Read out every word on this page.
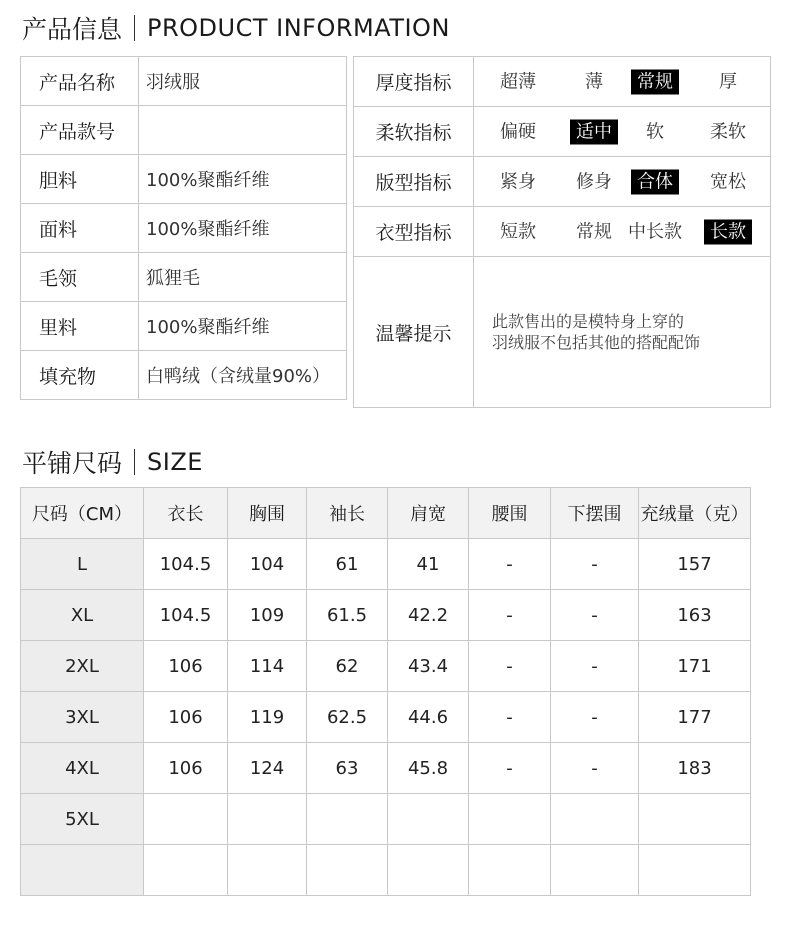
产品信息 PRODUCT INFORMATION
产品名称	羽绒服
产品款号	
胆料	100%聚酯纤维
面料	100%聚酯纤维
毛领	狐狸毛
里料	100%聚酯纤维
填充物	白鸭绒（含绒量90%）
厚度指标	超薄 薄 常规 厚

柔软指标	偏硬 适中 软 柔软

版型指标	紧身 修身 合体 宽松

衣型指标	短款 常规 中长款 长款

温馨提示	此款售出的是模特身上穿的
羽绒服不包括其他的搭配配饰
平铺尺码 SIZE
尺码（CM）	衣长	胸围	袖长	肩宽	腰围	下摆围	充绒量（克）
L	104.5	104	61	41	-	-	157
XL	104.5	109	61.5	42.2	-	-	163
2XL	106	114	62	43.4	-	-	171
3XL	106	119	62.5	44.6	-	-	177
4XL	106	124	63	45.8	-	-	183
5XL							
